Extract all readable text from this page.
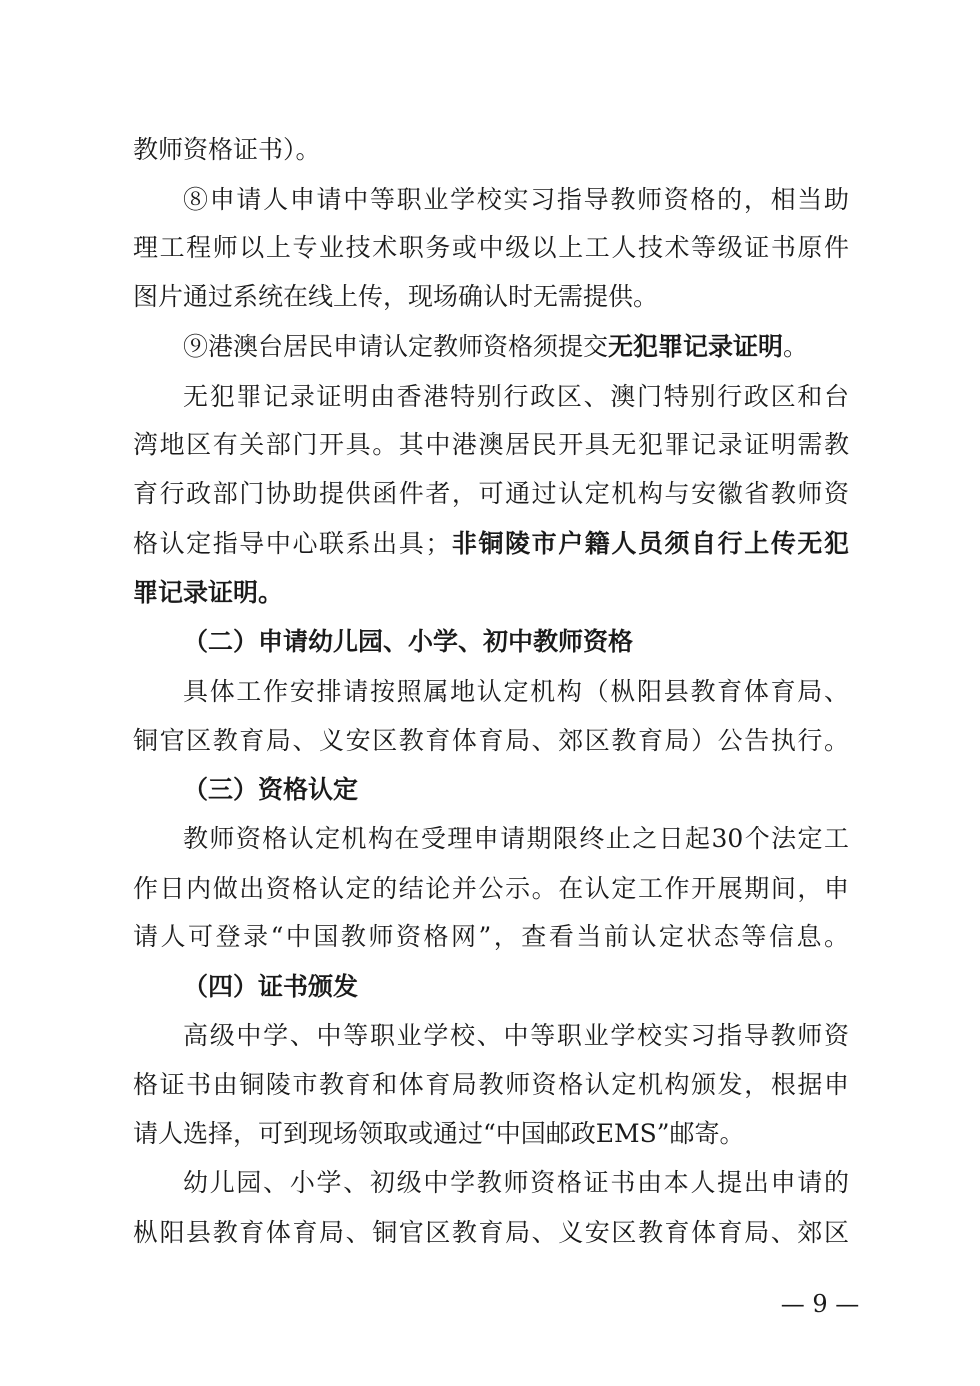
教师资格证书）。
⑧申请人申请中等职业学校实习指导教师资格的，相当助
理工程师以上专业技术职务或中级以上工人技术等级证书原件
图片通过系统在线上传，现场确认时无需提供。
⑨港澳台居民申请认定教师资格须提交无犯罪记录证明。
无犯罪记录证明由香港特别行政区、澳门特别行政区和台
湾地区有关部门开具。其中港澳居民开具无犯罪记录证明需教
育行政部门协助提供函件者，可通过认定机构与安徽省教师资
格认定指导中心联系出具；非铜陵市户籍人员须自行上传无犯
罪记录证明。
（二）申请幼儿园、小学、初中教师资格
具体工作安排请按照属地认定机构（枞阳县教育体育局、
铜官区教育局、义安区教育体育局、郊区教育局）公告执行。
（三）资格认定
教师资格认定机构在受理申请期限终止之日起30个法定工
作日内做出资格认定的结论并公示。在认定工作开展期间，申
请人可登录“中国教师资格网”，查看当前认定状态等信息。
（四）证书颁发
高级中学、中等职业学校、中等职业学校实习指导教师资
格证书由铜陵市教育和体育局教师资格认定机构颁发，根据申
请人选择，可到现场领取或通过“中国邮政EMS”邮寄。
幼儿园、小学、初级中学教师资格证书由本人提出申请的
枞阳县教育体育局、铜官区教育局、义安区教育体育局、郊区
— 9 —
